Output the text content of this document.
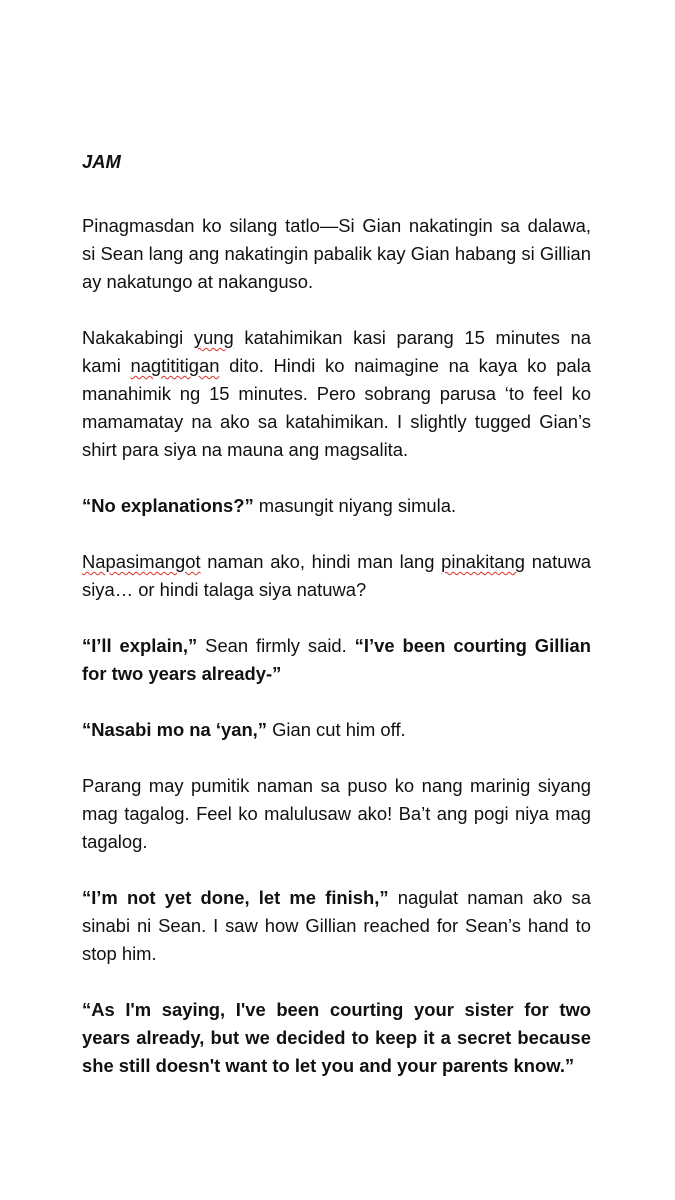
JAM

Pinagmasdan ko silang tatlo—Si Gian nakatingin sa dalawa, si Sean lang ang nakatingin pabalik kay Gian habang si Gillian ay nakatungo at nakanguso.

Nakakabingi yung katahimikan kasi parang 15 minutes na kami nagtititigan dito. Hindi ko naimagine na kaya ko pala manahimik ng 15 minutes. Pero sobrang parusa ‘to feel ko mamamatay na ako sa katahimikan. I slightly tugged Gian’s shirt para siya na mauna ang magsalita.

“No explanations?” masungit niyang simula.

Napasimangot naman ako, hindi man lang pinakitang natuwa siya… or hindi talaga siya natuwa?

“I’ll explain,” Sean firmly said. “I’ve been courting Gillian for two years already-”

“Nasabi mo na ‘yan,” Gian cut him off.

Parang may pumitik naman sa puso ko nang marinig siyang mag tagalog. Feel ko malulusaw ako! Ba’t ang pogi niya mag tagalog.

“I’m not yet done, let me finish,” nagulat naman ako sa sinabi ni Sean. I saw how Gillian reached for Sean’s hand to stop him.

“As I'm saying, I've been courting your sister for two years already, but we decided to keep it a secret because she still doesn't want to let you and your parents know.”
